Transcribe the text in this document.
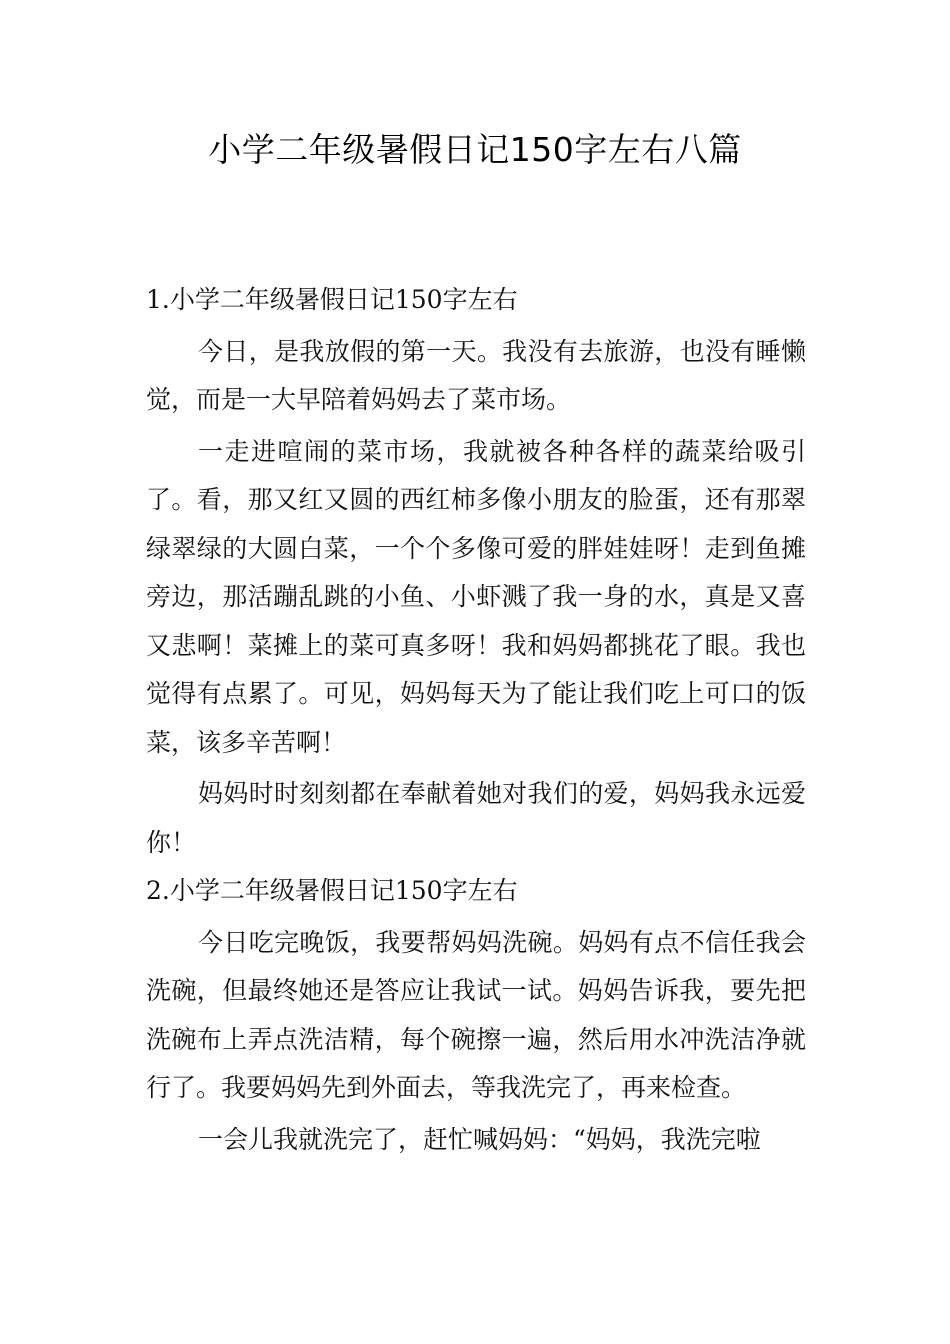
小学二年级暑假日记150字左右八篇
1.小学二年级暑假日记150字左右

今日，是我放假的第一天。我没有去旅游，也没有睡懒觉，而是一大早陪着妈妈去了菜市场。

一走进喧闹的菜市场，我就被各种各样的蔬菜给吸引了。看，那又红又圆的西红柿多像小朋友的脸蛋，还有那翠绿翠绿的大圆白菜，一个个多像可爱的胖娃娃呀！走到鱼摊旁边，那活蹦乱跳的小鱼、小虾溅了我一身的水，真是又喜又悲啊！菜摊上的菜可真多呀！我和妈妈都挑花了眼。我也觉得有点累了。可见，妈妈每天为了能让我们吃上可口的饭菜，该多辛苦啊！

妈妈时时刻刻都在奉献着她对我们的爱，妈妈我永远爱你！

2.小学二年级暑假日记150字左右

今日吃完晚饭，我要帮妈妈洗碗。妈妈有点不信任我会洗碗，但最终她还是答应让我试一试。妈妈告诉我，要先把洗碗布上弄点洗洁精，每个碗擦一遍，然后用水冲洗洁净就行了。我要妈妈先到外面去，等我洗完了，再来检查。

一会儿我就洗完了，赶忙喊妈妈：“妈妈，我洗完啦
